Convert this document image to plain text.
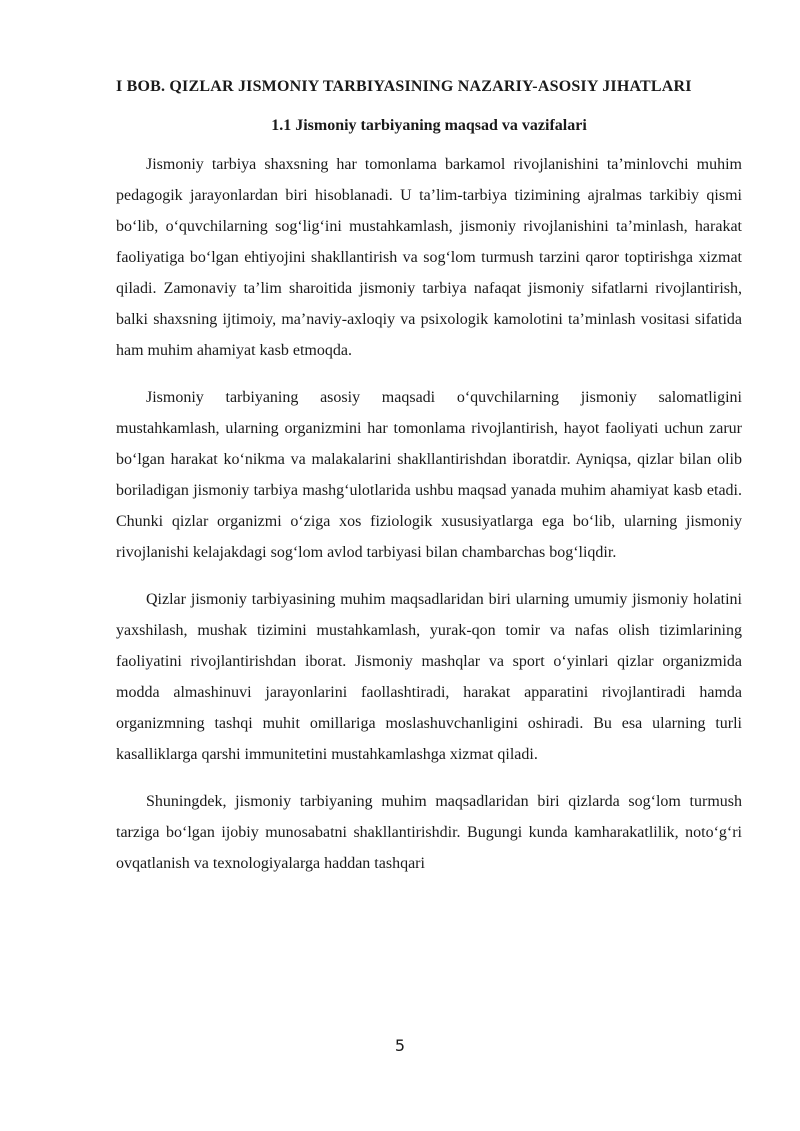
I BOB. QIZLAR JISMONIY TARBIYASINING NAZARIY-ASOSIY JIHATLARI
1.1 Jismoniy tarbiyaning maqsad va vazifalari

Jismoniy tarbiya shaxsning har tomonlama barkamol rivojlanishini ta’minlovchi muhim pedagogik jarayonlardan biri hisoblanadi. U ta’lim-tarbiya tizimining ajralmas tarkibiy qismi bo‘lib, o‘quvchilarning sog‘lig‘ini mustahkamlash, jismoniy rivojlanishini ta’minlash, harakat faoliyatiga bo‘lgan ehtiyojini shakllantirish va sog‘lom turmush tarzini qaror toptirishga xizmat qiladi. Zamonaviy ta’lim sharoitida jismoniy tarbiya nafaqat jismoniy sifatlarni rivojlantirish, balki shaxsning ijtimoiy, ma’naviy-axloqiy va psixologik kamolotini ta’minlash vositasi sifatida ham muhim ahamiyat kasb etmoqda.

Jismoniy tarbiyaning asosiy maqsadi o‘quvchilarning jismoniy salomatligini mustahkamlash, ularning organizmini har tomonlama rivojlantirish, hayot faoliyati uchun zarur bo‘lgan harakat ko‘nikma va malakalarini shakllantirishdan iboratdir. Ayniqsa, qizlar bilan olib boriladigan jismoniy tarbiya mashg‘ulotlarida ushbu maqsad yanada muhim ahamiyat kasb etadi. Chunki qizlar organizmi o‘ziga xos fiziologik xususiyatlarga ega bo‘lib, ularning jismoniy rivojlanishi kelajakdagi sog‘lom avlod tarbiyasi bilan chambarchas bog‘liqdir.

Qizlar jismoniy tarbiyasining muhim maqsadlaridan biri ularning umumiy jismoniy holatini yaxshilash, mushak tizimini mustahkamlash, yurak-qon tomir va nafas olish tizimlarining faoliyatini rivojlantirishdan iborat. Jismoniy mashqlar va sport o‘yinlari qizlar organizmida modda almashinuvi jarayonlarini faollashtiradi, harakat apparatini rivojlantiradi hamda organizmning tashqi muhit omillariga moslashuvchanligini oshiradi. Bu esa ularning turli kasalliklarga qarshi immunitetini mustahkamlashga xizmat qiladi.

Shuningdek, jismoniy tarbiyaning muhim maqsadlaridan biri qizlarda sog‘lom turmush tarziga bo‘lgan ijobiy munosabatni shakllantirishdir. Bugungi kunda kamharakatlilik, noto‘g‘ri ovqatlanish va texnologiyalarga haddan tashqari

5
